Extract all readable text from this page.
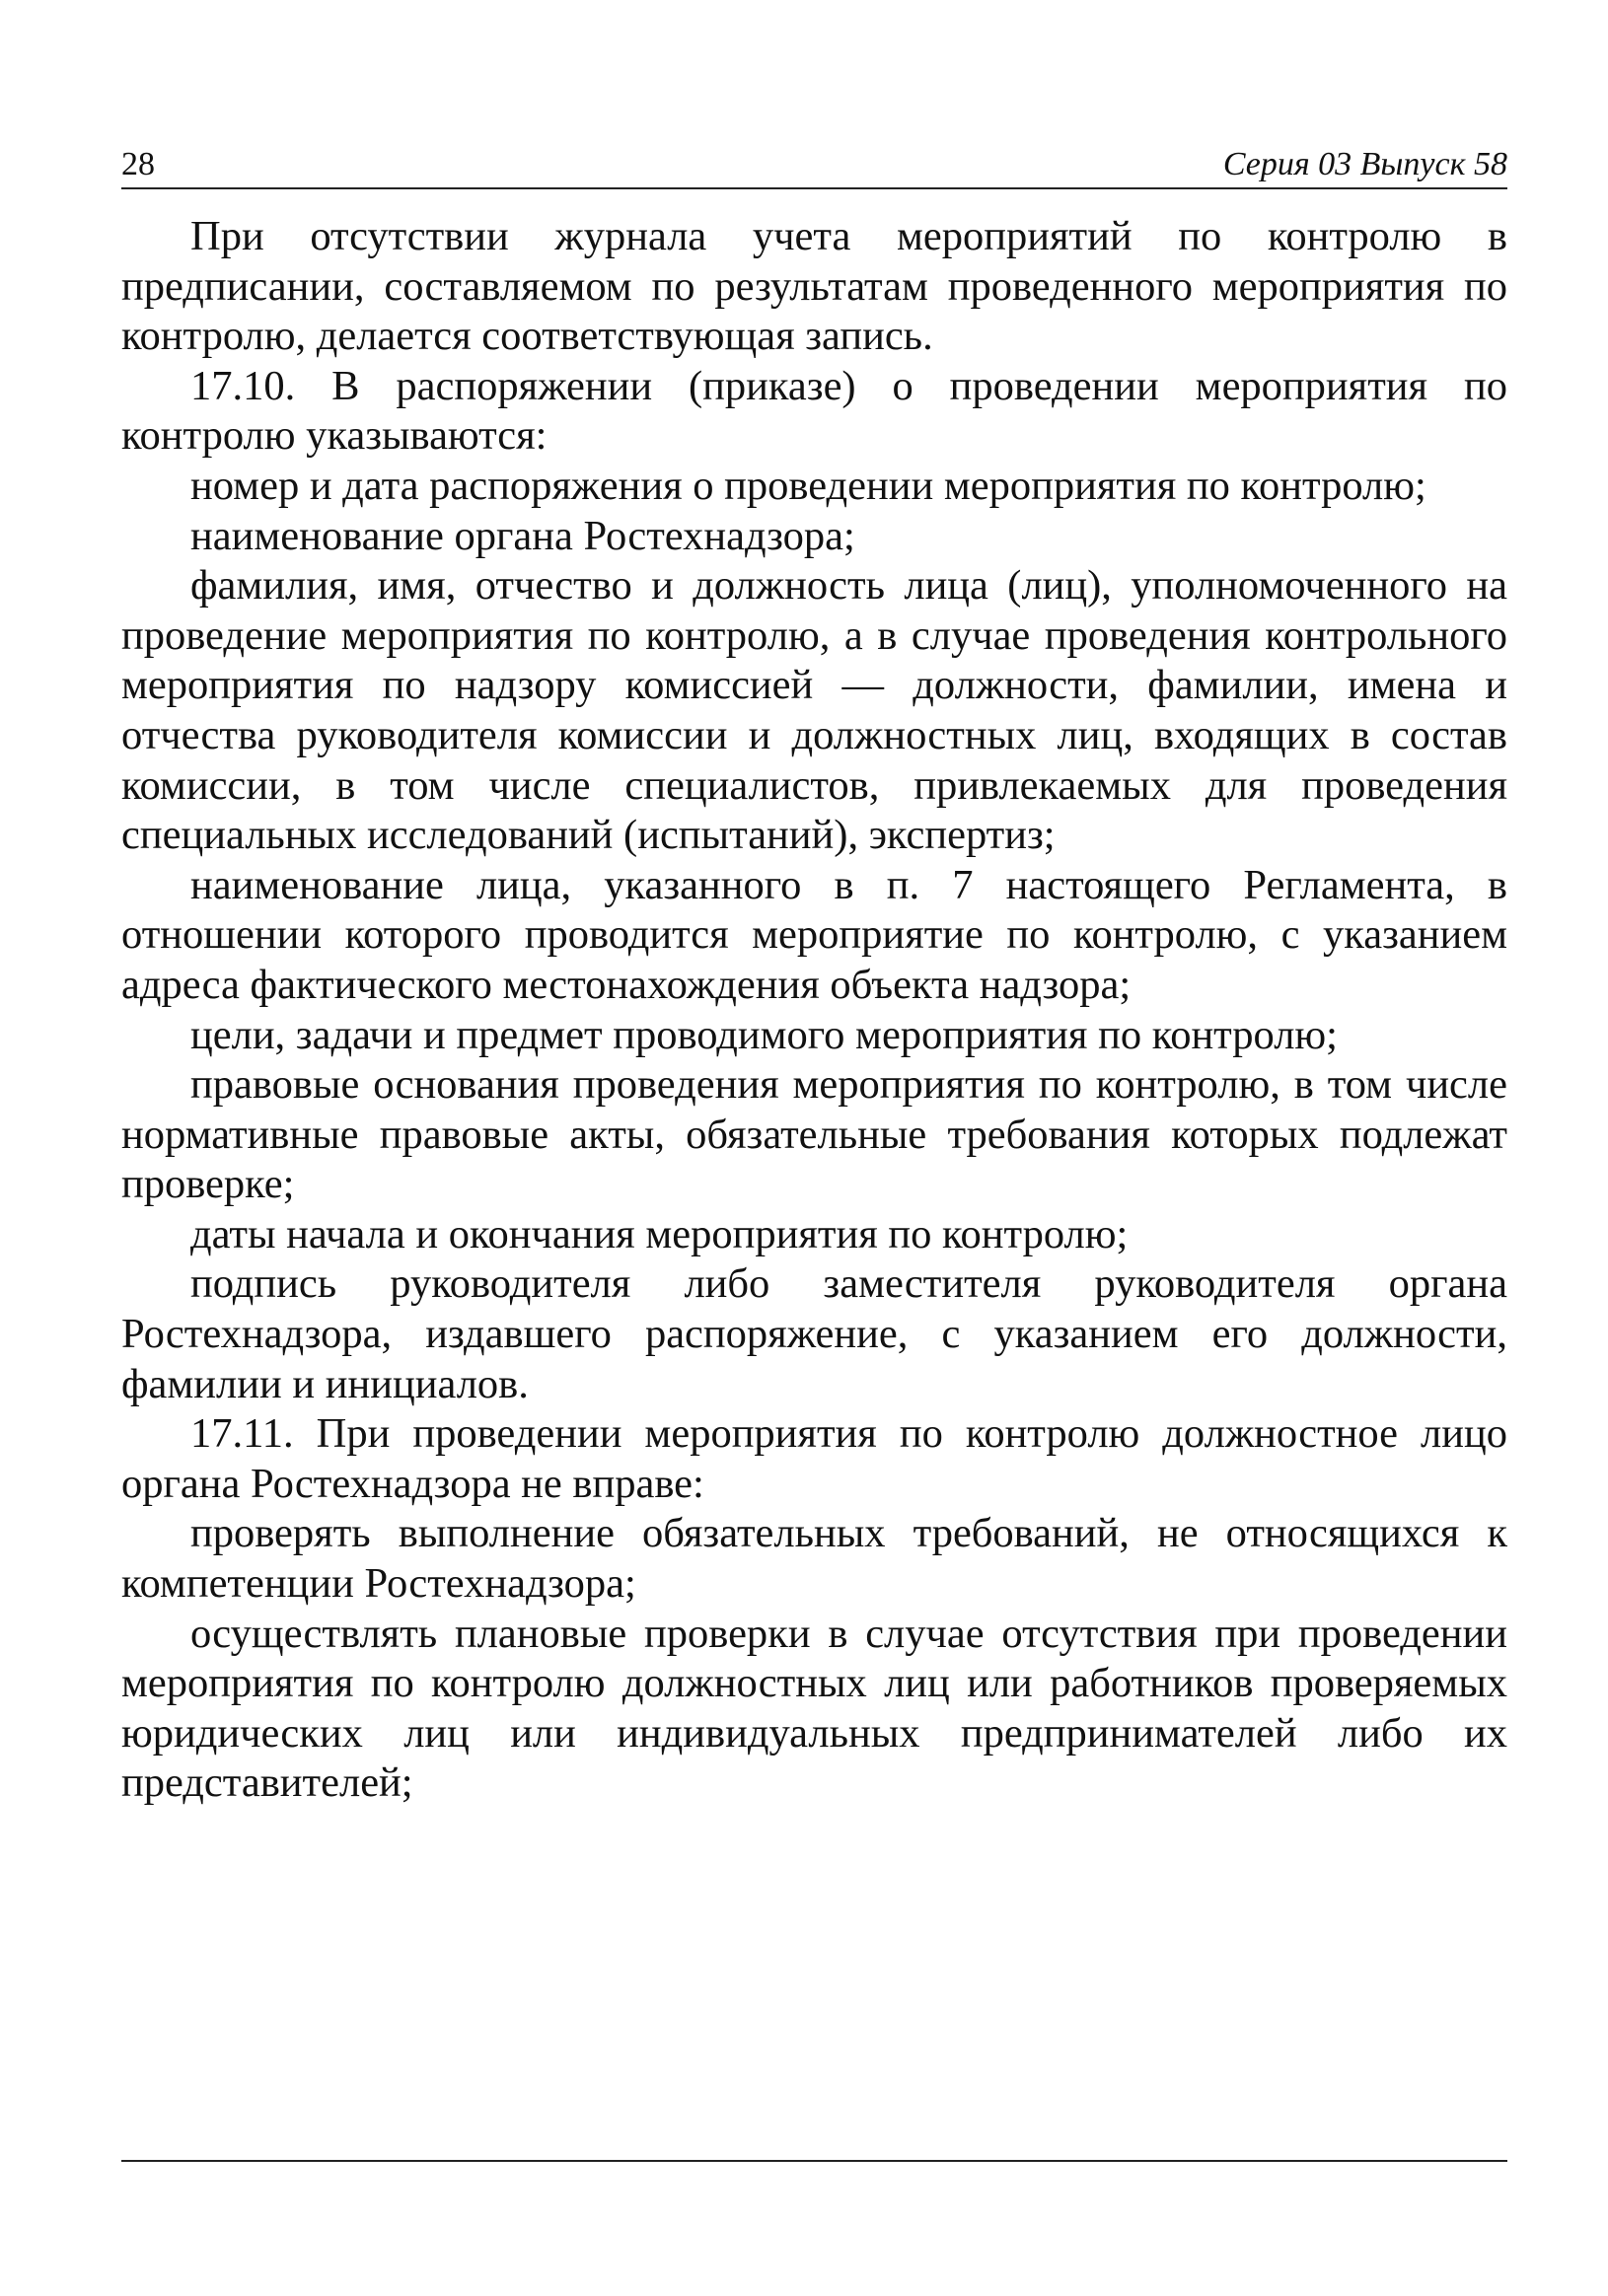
28	Серия 03 Выпуск 58

При отсутствии журнала учета мероприятий по контролю в предписании, составляемом по результатам проведенного мероприятия по контролю, делается соответствующая запись.

17.10. В распоряжении (приказе) о проведении мероприятия по контролю указываются:

номер и дата распоряжения о проведении мероприятия по контролю;

наименование органа Ростехнадзора;

фамилия, имя, отчество и должность лица (лиц), уполномоченного на проведение мероприятия по контролю, а в случае проведения контрольного мероприятия по надзору комиссией — должности, фамилии, имена и отчества руководителя комиссии и должностных лиц, входящих в состав комиссии, в том числе специалистов, привлекаемых для проведения специальных исследований (испытаний), экспертиз;

наименование лица, указанного в п. 7 настоящего Регламента, в отношении которого проводится мероприятие по контролю, с указанием адреса фактического местонахождения объекта надзора;

цели, задачи и предмет проводимого мероприятия по контролю;

правовые основания проведения мероприятия по контролю, в том числе нормативные правовые акты, обязательные требования которых подлежат проверке;

даты начала и окончания мероприятия по контролю;

подпись руководителя либо заместителя руководителя органа Ростехнадзора, издавшего распоряжение, с указанием его должности, фамилии и инициалов.

17.11. При проведении мероприятия по контролю должностное лицо органа Ростехнадзора не вправе:

проверять выполнение обязательных требований, не относящихся к компетенции Ростехнадзора;

осуществлять плановые проверки в случае отсутствия при проведении мероприятия по контролю должностных лиц или работников проверяемых юридических лиц или индивидуальных предпринимателей либо их представителей;
